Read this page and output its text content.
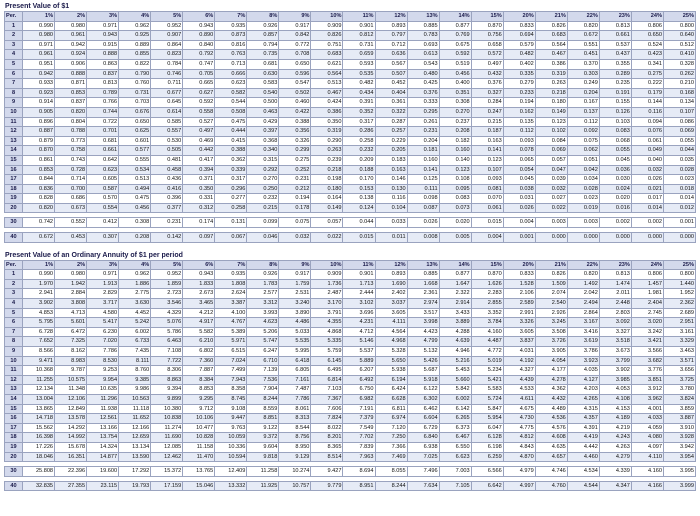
Present Value of $1
Per.	1%	2%	3%	4%	5%	6%	7%	8%	9%	10%	11%	12%	13%	14%	15%	20%	21%	22%	23%	24%	25%
1	0.990	0.980	0.971	0.962	0.952	0.943	0.935	0.926	0.917	0.909	0.901	0.893	0.885	0.877	0.870	0.833	0.826	0.820	0.813	0.806	0.800
2	0.980	0.961	0.943	0.925	0.907	0.890	0.873	0.857	0.842	0.826	0.812	0.797	0.783	0.769	0.756	0.694	0.683	0.672	0.661	0.650	0.640
3	0.971	0.942	0.915	0.889	0.864	0.840	0.816	0.794	0.772	0.751	0.731	0.712	0.693	0.675	0.658	0.579	0.564	0.551	0.537	0.524	0.512
4	0.961	0.924	0.888	0.855	0.823	0.792	0.763	0.735	0.708	0.683	0.659	0.636	0.613	0.592	0.572	0.482	0.467	0.451	0.437	0.423	0.410
5	0.951	0.906	0.863	0.822	0.784	0.747	0.713	0.681	0.650	0.621	0.593	0.567	0.543	0.519	0.497	0.402	0.386	0.370	0.355	0.341	0.328
6	0.942	0.888	0.837	0.790	0.746	0.705	0.666	0.630	0.596	0.564	0.535	0.507	0.480	0.456	0.432	0.335	0.319	0.303	0.289	0.275	0.262
7	0.933	0.871	0.813	0.760	0.711	0.665	0.623	0.583	0.547	0.513	0.482	0.452	0.425	0.400	0.376	0.279	0.263	0.249	0.235	0.222	0.210
8	0.923	0.853	0.789	0.731	0.677	0.627	0.582	0.540	0.502	0.467	0.434	0.404	0.376	0.351	0.327	0.233	0.218	0.204	0.191	0.179	0.168
9	0.914	0.837	0.766	0.703	0.645	0.592	0.544	0.500	0.460	0.424	0.391	0.361	0.333	0.308	0.284	0.194	0.180	0.167	0.155	0.144	0.134
10	0.905	0.820	0.744	0.676	0.614	0.558	0.508	0.463	0.422	0.386	0.352	0.322	0.295	0.270	0.247	0.162	0.149	0.137	0.126	0.116	0.107
11	0.896	0.804	0.722	0.650	0.585	0.527	0.475	0.429	0.388	0.350	0.317	0.287	0.261	0.237	0.215	0.135	0.123	0.112	0.103	0.094	0.086
12	0.887	0.788	0.701	0.625	0.557	0.497	0.444	0.397	0.356	0.319	0.286	0.257	0.231	0.208	0.187	0.112	0.102	0.092	0.083	0.076	0.069
13	0.879	0.773	0.681	0.601	0.530	0.469	0.415	0.368	0.326	0.290	0.258	0.229	0.204	0.182	0.163	0.093	0.084	0.075	0.068	0.061	0.055
14	0.870	0.758	0.661	0.577	0.505	0.442	0.388	0.340	0.299	0.263	0.232	0.205	0.181	0.160	0.141	0.078	0.069	0.062	0.055	0.049	0.044
15	0.861	0.743	0.642	0.555	0.481	0.417	0.362	0.315	0.275	0.239	0.209	0.183	0.160	0.140	0.123	0.065	0.057	0.051	0.045	0.040	0.035
16	0.853	0.728	0.623	0.534	0.458	0.394	0.339	0.292	0.252	0.218	0.188	0.163	0.141	0.123	0.107	0.054	0.047	0.042	0.036	0.032	0.028
17	0.844	0.714	0.605	0.513	0.436	0.371	0.317	0.270	0.231	0.198	0.170	0.146	0.125	0.108	0.093	0.045	0.039	0.034	0.030	0.026	0.023
18	0.836	0.700	0.587	0.494	0.416	0.350	0.296	0.250	0.212	0.180	0.153	0.130	0.111	0.095	0.081	0.038	0.032	0.028	0.024	0.021	0.018
19	0.828	0.686	0.570	0.475	0.396	0.331	0.277	0.232	0.194	0.164	0.138	0.116	0.098	0.083	0.070	0.031	0.027	0.023	0.020	0.017	0.014
20	0.820	0.673	0.554	0.456	0.377	0.312	0.258	0.215	0.178	0.149	0.124	0.104	0.087	0.073	0.061	0.026	0.022	0.019	0.016	0.014	0.012

30	0.742	0.552	0.412	0.308	0.231	0.174	0.131	0.099	0.075	0.057	0.044	0.033	0.026	0.020	0.015	0.004	0.003	0.003	0.002	0.002	0.001

40	0.672	0.453	0.307	0.208	0.142	0.097	0.067	0.046	0.032	0.022	0.015	0.011	0.008	0.005	0.004	0.001	0.000	0.000	0.000	0.000	0.000
Present Value of an Ordinary Annuity of $1 per period
Per.	1%	2%	3%	4%	5%	6%	7%	8%	9%	10%	11%	12%	13%	14%	15%	20%	21%	22%	23%	24%	25%
1	0.990	0.980	0.971	0.962	0.952	0.943	0.935	0.926	0.917	0.909	0.901	0.893	0.885	0.877	0.870	0.833	0.826	0.820	0.813	0.806	0.800
2	1.970	1.942	1.913	1.886	1.859	1.833	1.808	1.783	1.759	1.736	1.713	1.690	1.668	1.647	1.626	1.528	1.509	1.492	1.474	1.457	1.440
3	2.941	2.884	2.829	2.775	2.723	2.673	2.624	2.577	2.531	2.487	2.444	2.402	2.361	2.322	2.283	2.106	2.074	2.042	2.011	1.981	1.952
4	3.902	3.808	3.717	3.630	3.546	3.465	3.387	3.312	3.240	3.170	3.102	3.037	2.974	2.914	2.855	2.589	2.540	2.494	2.448	2.404	2.362
5	4.853	4.713	4.580	4.452	4.329	4.212	4.100	3.993	3.890	3.791	3.696	3.605	3.517	3.433	3.352	2.991	2.926	2.864	2.803	2.745	2.689
6	5.795	5.601	5.417	5.242	5.076	4.917	4.767	4.623	4.486	4.355	4.231	4.111	3.998	3.889	3.784	3.326	3.245	3.167	3.092	3.020	2.951
7	6.728	6.472	6.230	6.002	5.786	5.582	5.389	5.206	5.033	4.868	4.712	4.564	4.423	4.288	4.160	3.605	3.508	3.416	3.327	3.242	3.161
8	7.652	7.325	7.020	6.733	6.463	6.210	5.971	5.747	5.535	5.335	5.146	4.968	4.799	4.639	4.487	3.837	3.726	3.619	3.518	3.421	3.329
9	8.566	8.162	7.786	7.435	7.108	6.802	6.515	6.247	5.995	5.759	5.537	5.328	5.132	4.946	4.772	4.031	3.905	3.786	3.673	3.566	3.463
10	9.471	8.983	8.530	8.111	7.722	7.360	7.024	6.710	6.418	6.145	5.889	5.650	5.426	5.216	5.019	4.192	4.054	3.923	3.799	3.682	3.571
11	10.368	9.787	9.253	8.760	8.306	7.887	7.499	7.139	6.805	6.495	6.207	5.938	5.687	5.453	5.234	4.327	4.177	4.035	3.902	3.776	3.656
12	11.255	10.575	9.954	9.385	8.863	8.384	7.943	7.536	7.161	6.814	6.492	6.194	5.918	5.660	5.421	4.439	4.278	4.127	3.985	3.851	3.725
13	12.134	11.348	10.635	9.986	9.394	8.853	8.358	7.904	7.487	7.103	6.750	6.424	6.122	5.842	5.583	4.533	4.362	4.203	4.053	3.912	3.780
14	13.004	12.106	11.296	10.563	9.899	9.295	8.745	8.244	7.786	7.367	6.982	6.628	6.302	6.002	5.724	4.611	4.432	4.265	4.108	3.962	3.824
15	13.865	12.849	11.938	11.118	10.380	9.712	9.108	8.559	8.061	7.606	7.191	6.811	6.462	6.142	5.847	4.675	4.489	4.315	4.153	4.001	3.859
16	14.718	13.578	12.561	11.652	10.838	10.106	9.447	8.851	8.313	7.824	7.379	6.974	6.604	6.265	5.954	4.730	4.536	4.357	4.189	4.033	3.887
17	15.562	14.292	13.166	12.166	11.274	10.477	9.763	9.122	8.544	8.022	7.549	7.120	6.729	6.373	6.047	4.775	4.576	4.391	4.219	4.059	3.910
18	16.398	14.992	13.754	12.659	11.690	10.828	10.059	9.372	8.756	8.201	7.702	7.250	6.840	6.467	6.128	4.812	4.608	4.419	4.243	4.080	3.928
19	17.226	15.678	14.324	13.134	12.085	11.158	10.336	9.604	8.950	8.365	7.839	7.366	6.938	6.550	6.198	4.843	4.635	4.442	4.263	4.097	3.942
20	18.046	16.351	14.877	13.590	12.462	11.470	10.594	9.818	9.129	8.514	7.963	7.469	7.025	6.623	6.259	4.870	4.657	4.460	4.279	4.110	3.954

30	25.808	22.396	19.600	17.292	15.372	13.765	12.409	11.258	10.274	9.427	8.694	8.055	7.496	7.003	6.566	4.979	4.746	4.534	4.339	4.160	3.995

40	32.835	27.355	23.115	19.793	17.159	15.046	13.332	11.925	10.757	9.779	8.951	8.244	7.634	7.105	6.642	4.997	4.760	4.544	4.347	4.166	3.999
